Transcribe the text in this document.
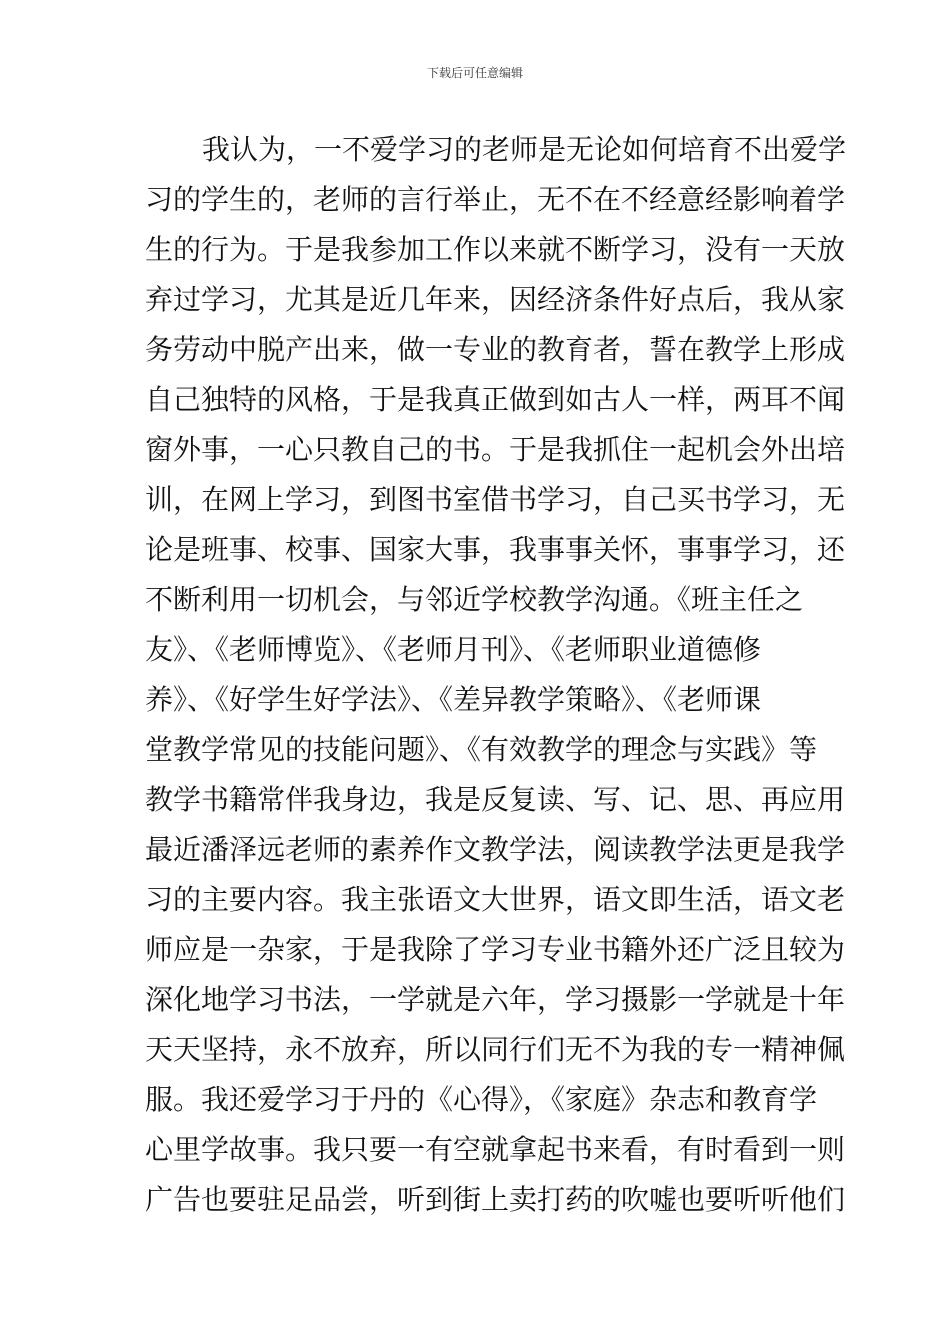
下载后可任意编辑
我认为，一不爱学习的老师是无论如何培育不出爱学
习的学生的，老师的言行举止，无不在不经意经影响着学
生的行为。于是我参加工作以来就不断学习，没有一天放
弃过学习，尤其是近几年来，因经济条件好点后，我从家
务劳动中脱产出来，做一专业的教育者，誓在教学上形成
自己独特的风格，于是我真正做到如古人一样，两耳不闻
窗外事，一心只教自己的书。于是我抓住一起机会外出培
训，在网上学习，到图书室借书学习，自己买书学习，无
论是班事、校事、国家大事，我事事关怀，事事学习，还
不断利用一切机会，与邻近学校教学沟通。《班主任之
友》、《老师博览》、《老师月刊》、《老师职业道德修
养》、《好学生好学法》、《差异教学策略》、《老师课
堂教学常见的技能问题》、《有效教学的理念与实践》等
教学书籍常伴我身边，我是反复读、写、记、思、再应用
最近潘泽远老师的素养作文教学法，阅读教学法更是我学
习的主要内容。我主张语文大世界，语文即生活，语文老
师应是一杂家，于是我除了学习专业书籍外还广泛且较为
深化地学习书法，一学就是六年，学习摄影一学就是十年
天天坚持，永不放弃，所以同行们无不为我的专一精神佩
服。我还爱学习于丹的《心得》，《家庭》杂志和教育学
心里学故事。我只要一有空就拿起书来看，有时看到一则
广告也要驻足品尝，听到街上卖打药的吹嘘也要听听他们
